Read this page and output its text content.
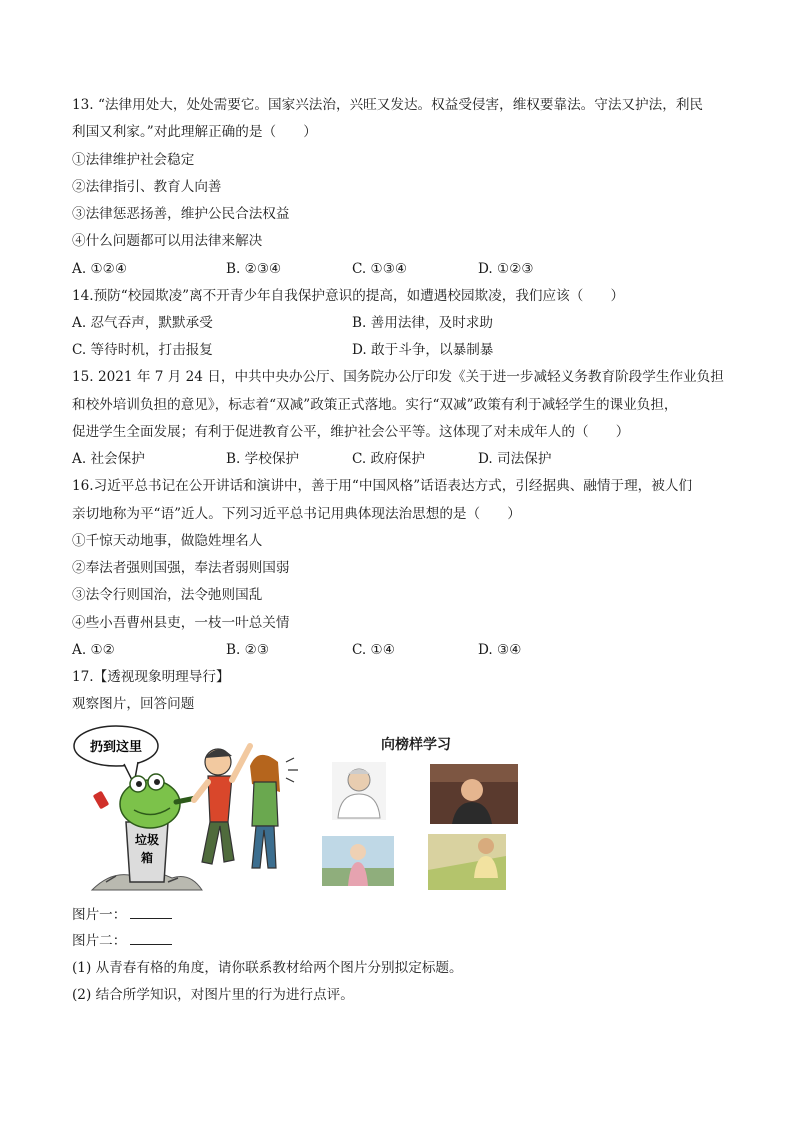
13. “法律用处大，处处需要它。国家兴法治，兴旺又发达。权益受侵害，维权要靠法。守法又护法，利民
利国又利家。”对此理解正确的是（　　）
①法律维护社会稳定
②法律指引、教育人向善
③法律惩恶扬善，维护公民合法权益
④什么问题都可以用法律来解决
A. ①②④	B. ②③④	C. ①③④	D. ①②③
14.预防“校园欺凌”离不开青少年自我保护意识的提高，如遭遇校园欺凌，我们应该（　　）
A. 忍气吞声，默默承受	B. 善用法律，及时求助
C. 等待时机，打击报复	D. 敢于斗争，以暴制暴
15. 2021 年 7 月 24 日，中共中央办公厅、国务院办公厅印发《关于进一步减轻义务教育阶段学生作业负担
和校外培训负担的意见》，标志着“双减”政策正式落地。实行“双减”政策有利于减轻学生的课业负担，
促进学生全面发展；有利于促进教育公平，维护社会公平等。这体现了对未成年人的（　　）
A. 社会保护	B. 学校保护	C. 政府保护	D. 司法保护
16.习近平总书记在公开讲话和演讲中，善于用“中国风格”话语表达方式，引经据典、融情于理，被人们
亲切地称为平“语”近人。下列习近平总书记用典体现法治思想的是（　　）
①千惊天动地事，做隐姓埋名人
②奉法者强则国强，奉法者弱则国弱
③法令行则国治，法令弛则国乱
④些小吾曹州县吏，一枝一叶总关情
A. ①②	B. ②③	C. ①④	D. ③④
17.【透视现象明理导行】
观察图片，回答问题
扔到这里
垃圾
箱
向榜样学习
图片一：
图片二：
(1) 从青春有格的角度，请你联系教材给两个图片分别拟定标题。
(2) 结合所学知识，对图片里的行为进行点评。
